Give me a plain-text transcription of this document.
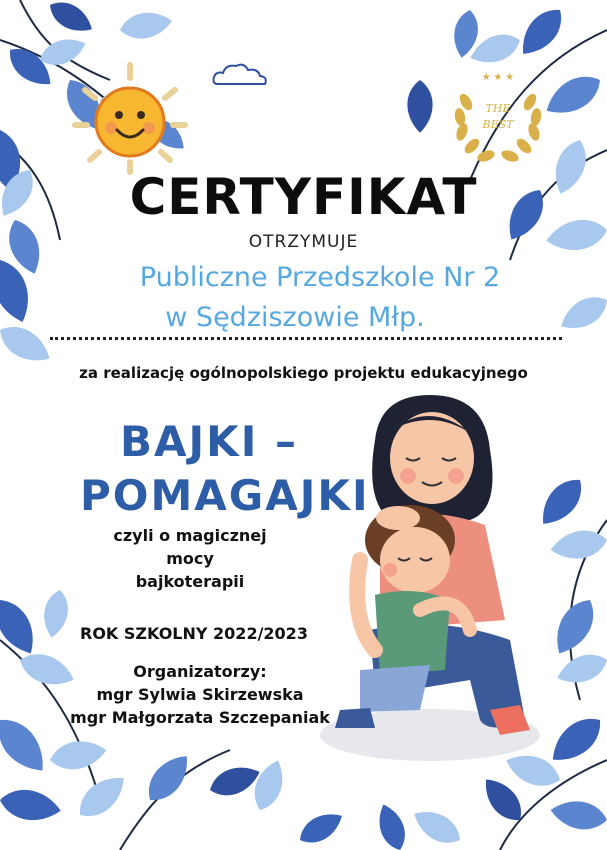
★ ★ ★
THE
BEST
CERTYFIKAT
OTRZYMUJE
Publiczne Przedszkole Nr 2
w Sędziszowie Młp.
za realizację ogólnopolskiego projektu edukacyjnego
BAJKI –
POMAGAJKI
czyli o magicznej
mocy
bajkoterapii
ROK SZKOLNY 2022/2023
Organizatorzy:
mgr Sylwia Skirzewska
mgr Małgorzata Szczepaniak
